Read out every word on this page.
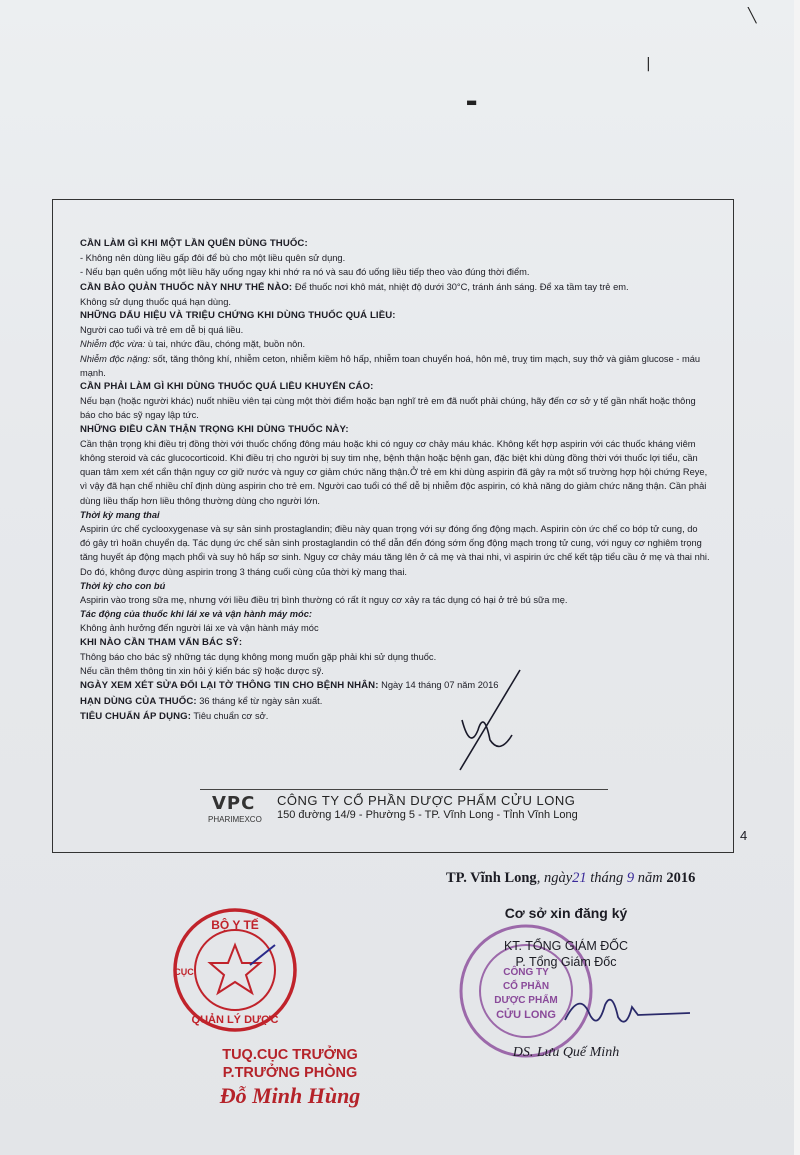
╲
|
▬

CẦN LÀM GÌ KHI MỘT LẦN QUÊN DÙNG THUỐC:

- Không nên dùng liều gấp đôi để bù cho một liều quên sử dụng.

- Nếu bạn quên uống một liều hãy uống ngay khi nhớ ra nó và sau đó uống liều tiếp theo vào đúng thời điểm.

CẦN BẢO QUẢN THUỐC NÀY NHƯ THẾ NÀO: Để thuốc nơi khô mát, nhiệt độ dưới 30°C, tránh ánh sáng. Để xa tầm tay trẻ em.

Không sử dụng thuốc quá hạn dùng.

NHỮNG DẤU HIỆU VÀ TRIỆU CHỨNG KHI DÙNG THUỐC QUÁ LIỀU:

Người cao tuổi và trẻ em dễ bị quá liều.

Nhiễm độc vừa: ù tai, nhức đầu, chóng mặt, buồn nôn.

Nhiễm độc nặng: sốt, tăng thông khí, nhiễm ceton, nhiễm kiềm hô hấp, nhiễm toan chuyển hoá, hôn mê, truỵ tim mạch, suy thở và giảm glucose - máu mạnh.

CẦN PHẢI LÀM GÌ KHI DÙNG THUỐC QUÁ LIỀU KHUYẾN CÁO:

Nếu bạn (hoặc người khác) nuốt nhiều viên tại cùng một thời điểm hoặc bạn nghĩ trẻ em đã nuốt phải chúng, hãy đến cơ sở y tế gần nhất hoặc thông báo cho bác sỹ ngay lập tức.

NHỮNG ĐIỀU CẦN THẬN TRỌNG KHI DÙNG THUỐC NÀY:

Cần thận trọng khi điều trị đồng thời với thuốc chống đông máu hoặc khi có nguy cơ chảy máu khác. Không kết hợp aspirin với các thuốc kháng viêm không steroid và các glucocorticoid. Khi điều trị cho người bị suy tim nhẹ, bệnh thận hoặc bệnh gan, đặc biệt khi dùng đồng thời với thuốc lợi tiểu, cần quan tâm xem xét cẩn thận nguy cơ giữ nước và nguy cơ giảm chức năng thận.Ở trẻ em khi dùng aspirin đã gây ra một số trường hợp hội chứng Reye, vì vậy đã hạn chế nhiều chỉ định dùng aspirin cho trẻ em. Người cao tuổi có thể dễ bị nhiễm độc aspirin, có khả năng do giảm chức năng thận. Cần phải dùng liều thấp hơn liều thông thường dùng cho người lớn.

Thời kỳ mang thai

Aspirin ức chế cyclooxygenase và sự sản sinh prostaglandin; điều này quan trọng với sự đóng ống động mạch. Aspirin còn ức chế co bóp tử cung, do đó gây trì hoãn chuyển dạ. Tác dụng ức chế sản sinh prostaglandin có thể dẫn đến đóng sớm ống động mạch trong tử cung, với nguy cơ nghiêm trọng tăng huyết áp động mạch phổi và suy hô hấp sơ sinh. Nguy cơ chảy máu tăng lên ở cả mẹ và thai nhi, vì aspirin ức chế kết tập tiểu cầu ở mẹ và thai nhi. Do đó, không được dùng aspirin trong 3 tháng cuối cùng của thời kỳ mang thai.

Thời kỳ cho con bú

Aspirin vào trong sữa mẹ, nhưng với liều điều trị bình thường có rất ít nguy cơ xảy ra tác dụng có hại ở trẻ bú sữa mẹ.

Tác động của thuốc khi lái xe và vận hành máy móc:

Không ảnh hưởng đến người lái xe và vận hành máy móc

KHI NÀO CẦN THAM VẤN BÁC SỸ:

Thông báo cho bác sỹ những tác dụng không mong muốn gặp phải khi sử dụng thuốc.

Nếu cần thêm thông tin xin hỏi ý kiến bác sỹ hoặc dược sỹ.

NGÀY XEM XÉT SỬA ĐỔI LẠI TỜ THÔNG TIN CHO BỆNH NHÂN: Ngày 14 tháng 07 năm 2016

HẠN DÙNG CỦA THUỐC: 36 tháng kể từ ngày sản xuất.

TIÊU CHUẨN ÁP DỤNG: Tiêu chuẩn cơ sở.

VPC
PHARIMEXCO
CÔNG TY CỔ PHẦN DƯỢC PHẨM CỬU LONG
150 đường 14/9 - Phường 5 - TP. Vĩnh Long - Tỉnh Vĩnh Long
4
TP. Vĩnh Long, ngày21 tháng 9 năm 2016
CÔNG TY
CỔ PHẦN
DƯỢC PHẨM
CỬU LONG
Cơ sở xin đăng ký
KT. TỔNG GIÁM ĐỐC
P. Tổng Giám Đốc
DS. Lưu Quế Minh
BỘ Y TẾ
QUẢN LÝ DƯỢC
CỤC
TUQ.CỤC TRƯỞNG
P.TRƯỞNG PHÒNG
Đỗ Minh Hùng
